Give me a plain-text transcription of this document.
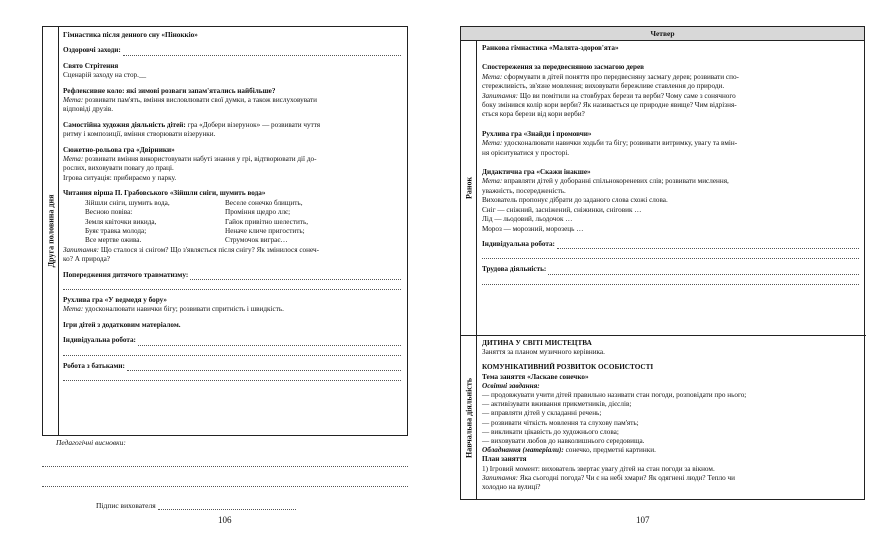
Друга половина дня
Гімнастика після денного сну «Піноккіо»
Оздоровчі заходи:
Свято Стрітення
Сценарій заходу на стор.__
Рефлексивне коло: які зимові розваги запам'ятались найбільше?
Мета: розвивати пам'ять, вміння висловлювати свої думки, а також вислуховувати
відповіді друзів.
Самостійна художня діяльність дітей: гра «Добери візерунок» — розвивати чуття
ритму і композиції, вміння створювати візерунки.
Сюжетно-рольова гра «Двірники»
Мета: розвивати вміння використовувати набуті знання у грі, відтворювати дії до-
рослих, виховувати повагу до праці.
Ігрова ситуація: прибираємо у парку.
Читання вірша П. Грабовського «Зійшли сніги, шумить вода»
Зійшли сніги, шумить вода,
Весною повіва:
Земля квіточки викида,
Буяє травка молода;
Все мертве ожива.
Веселе сонечко блищить,
Проміння щедро ллє;
Гайок привітно шелестить,
Неначе кличе пригостить;
Струмочок виграє…
Запитання: Що сталося зі снігом? Що з'являється після снігу? Як змінилося сонеч-
ко? А природа?
Попередження дитячого травматизму:
Рухлива гра «У ведмедя у бору»
Мета: удосконалювати навички бігу; розвивати спритність і швидкість.
Ігри дітей з додатковим матеріалом.
Індивідуальна робота:
Робота з батьками:
Педагогічні висновки:
Підпис вихователя
106
Четвер
Ранок
Навчальна діяльність
Ранкова гімнастика «Малята-здоров'ята»
Спостереження за передвесняною засмагою дерев
Мета: сформувати в дітей поняття про передвесняну засмагу дерев; розвивати спо-
стережливість, зв'язне мовлення; виховувати бережливе ставлення до природи.
Запитання: Що ви помітили на стовбурах берези та верби? Чому саме з сонячного
боку змінився колір кори верби? Як називається це природне явище? Чим відрізня-
ється кора берези від кори верби?
Рухлива гра «Знайди і промовчи»
Мета: удосконалювати навички ходьби та бігу; розвивати витримку, увагу та вмін-
ня орієнтуватися у просторі.
Дидактична гра «Скажи інакше»
Мета: вправляти дітей у доборанні спільнокореневих слів; розвивати мислення,
уважність, посередженість.
Вихователь пропонує дібрати до заданого слова схожі слова.
Сніг — сніжний, засніжений, сніжинки, сніговик …
Лід — льодовий, льодочок …
Мороз — морозний, морозець …
Індивідуальна робота:
Трудова діяльність:
ДИТИНА У СВІТІ МИСТЕЦТВА
Заняття за планом музичного керівника.
КОМУНІКАТИВНИЙ РОЗВИТОК ОСОБИСТОСТІ
Тема заняття «Ласкаве сонечко»
Освітні завдання:
— продовжувати учити дітей правильно називати стан погоди, розповідати про нього;
— активізувати вживання прикметників, дієслів;
— вправляти дітей у складанні речень;
— розвивати чіткість мовлення та слухову пам'ять;
— викликати цікавість до художнього слова;
— виховувати любов до навколишнього середовища.
Обладнання (матеріали): сонечко, предметні картинки.
План заняття
1) Ігровий момент: вихователь звертає увагу дітей на стан погоди за вікном.
Запитання: Яка сьогодні погода? Чи є на небі хмари? Як одягнені люди? Тепло чи
холодно на вулиці?
107
